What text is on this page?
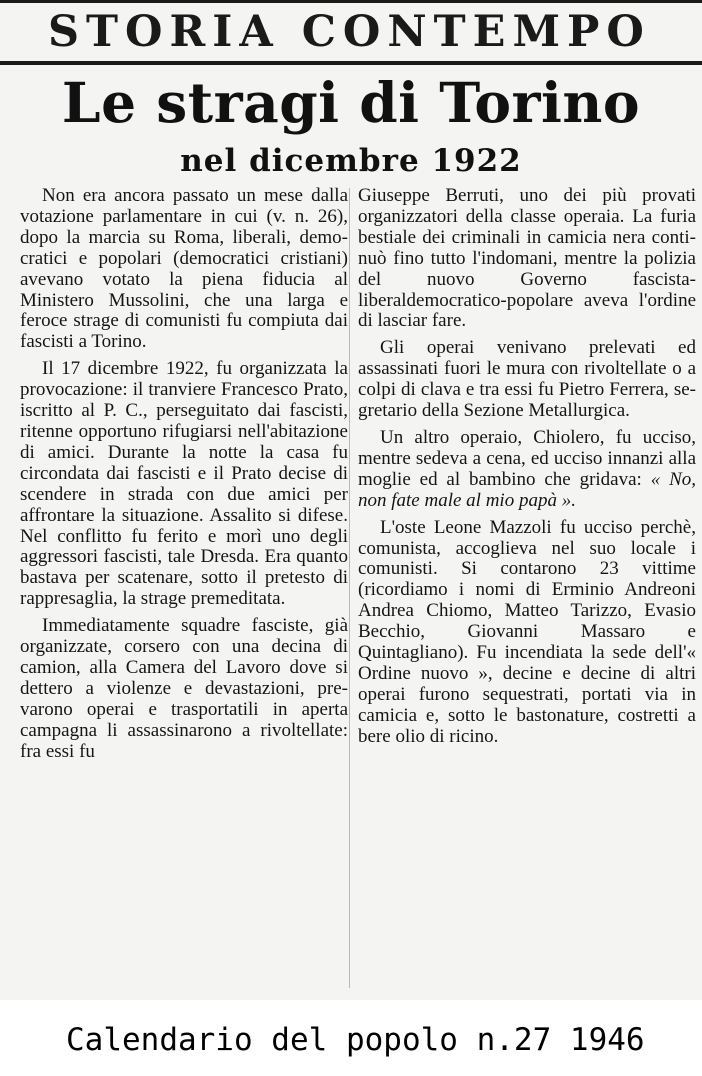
STORIA CONTEMPO
Le stragi di Torino
nel dicembre 1922

Non era ancora passato un mese dalla votazione parlamentare in cui (v. n. 26), dopo la marcia su Roma, liberali, democratici e popolari (democratici cristiani) avevano votato la piena fiducia al Ministero Mussolini, che una larga e feroce strage di comunisti fu compiuta dai fascisti a Torino.

Il 17 dicembre 1922, fu organizzata la provocazione: il tranviere Francesco Prato, iscritto al P. C., perseguitato dai fascisti, ritenne opportuno rifugiarsi nell'abitazione di amici. Durante la notte la casa fu circondata dai fascisti e il Prato decise di scendere in strada con due amici per affrontare la situazione. Assalito si difese. Nel conflitto fu ferito e morì uno degli aggressori fascisti, tale Dresda. Era quanto bastava per scatenare, sotto il pretesto di rappresaglia, la strage premeditata.

Immediatamente squadre fasciste, già organizzate, corsero con una decina di camion, alla Camera del Lavoro dove si dettero a violenze e devastazioni, prevarono operai e trasportatili in aperta campagna li assassinarono a rivoltellate: fra essi fu

Giuseppe Berruti, uno dei più provati organizzatori della classe operaia. La furia bestiale dei criminali in camicia nera continuò fino tutto l'indomani, mentre la polizia del nuovo Governo fascista-liberaldemocratico-popolare aveva l'ordine di lasciar fare.

Gli operai venivano prelevati ed assassinati fuori le mura con rivoltellate o a colpi di clava e tra essi fu Pietro Ferrera, segretario della Sezione Metallurgica.

Un altro operaio, Chiolero, fu ucciso, mentre sedeva a cena, ed ucciso innanzi alla moglie ed al bambino che gridava: « No, non fate male al mio papà ».

L'oste Leone Mazzoli fu ucciso perchè, comunista, accoglieva nel suo locale i comunisti. Si contarono 23 vittime (ricordiamo i nomi di Erminio Andreoni Andrea Chiomo, Matteo Tarizzo, Evasio Becchio, Giovanni Massaro e Quintagliano). Fu incendiata la sede dell'« Ordine nuovo », decine e decine di altri operai furono sequestrati, portati via in camicia e, sotto le bastonature, costretti a bere olio di ricino.

Calendario del popolo n.27 1946
